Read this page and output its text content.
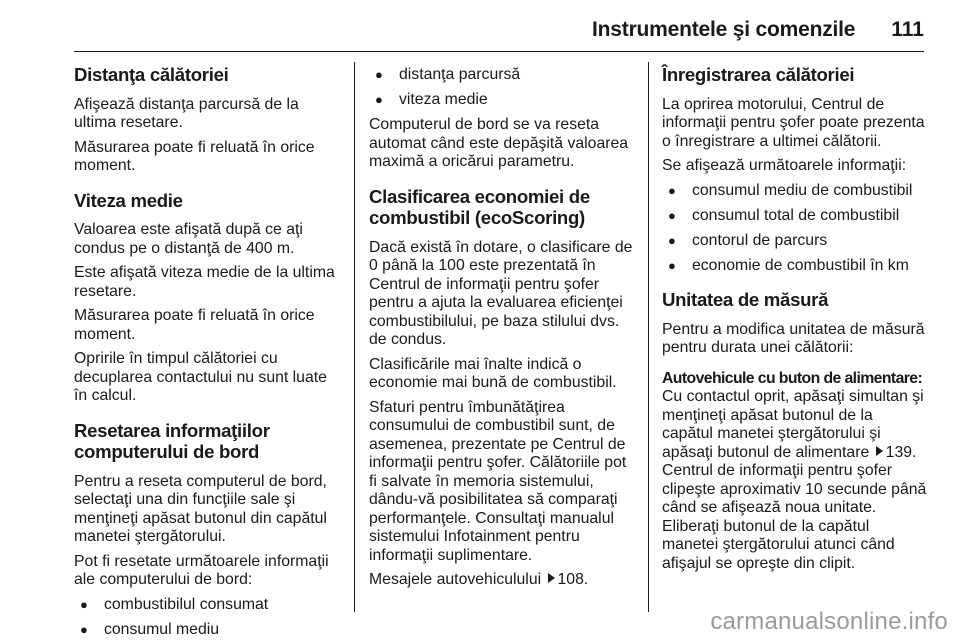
Instrumentele şi comenzile 111
Distanţa călătoriei

Afişează distanţa parcursă de la ultima resetare.

Măsurarea poate fi reluată în orice moment.

Viteza medie

Valoarea este afişată după ce aţi condus pe o distanţă de 400 m.

Este afişată viteza medie de la ultima resetare.

Măsurarea poate fi reluată în orice moment.

Opririle în timpul călătoriei cu decuplarea contactului nu sunt luate în calcul.

Resetarea informaţiilor computerului de bord

Pentru a reseta computerul de bord, selectaţi una din funcţiile sale şi menţineţi apăsat butonul din capătul manetei ştergătorului.

Pot fi resetate următoarele informaţii ale computerului de bord:

● combustibilul consumat
● consumul mediu
● distanţa parcursă
● viteza medie

Computerul de bord se va reseta automat când este depăşită valoarea maximă a oricărui parametru.

Clasificarea economiei de combustibil (ecoScoring)

Dacă există în dotare, o clasificare de 0 până la 100 este prezentată în Centrul de informaţii pentru şofer pentru a ajuta la evaluarea eficienţei combustibilului, pe baza stilului dvs. de condus.

Clasificările mai înalte indică o economie mai bună de combustibil.

Sfaturi pentru îmbunătăţirea consumului de combustibil sunt, de asemenea, prezentate pe Centrul de informaţii pentru şofer. Călătoriile pot fi salvate în memoria sistemului, dându-vă posibilitatea să comparaţi performanţele. Consultaţi manualul sistemului Infotainment pentru informaţii suplimentare.

Mesajele autovehiculului 108.

Înregistrarea călătoriei

La oprirea motorului, Centrul de informaţii pentru şofer poate prezenta o înregistrare a ultimei călătorii.

Se afişează următoarele informaţii:

● consumul mediu de combustibil
● consumul total de combustibil
● contorul de parcurs
● economie de combustibil în km
Unitatea de măsură

Pentru a modifica unitatea de măsură pentru durata unei călătorii:

Autovehicule cu buton de alimentare: Cu contactul oprit, apăsaţi simultan şi menţineţi apăsat butonul de la capătul manetei ştergătorului şi apăsaţi butonul de alimentare 139. Centrul de informaţii pentru şofer clipeşte aproximativ 10 secunde până când se afişează noua unitate. Eliberaţi butonul de la capătul manetei ştergătorului atunci când afişajul se opreşte din clipit.

carmanualsonline.info
